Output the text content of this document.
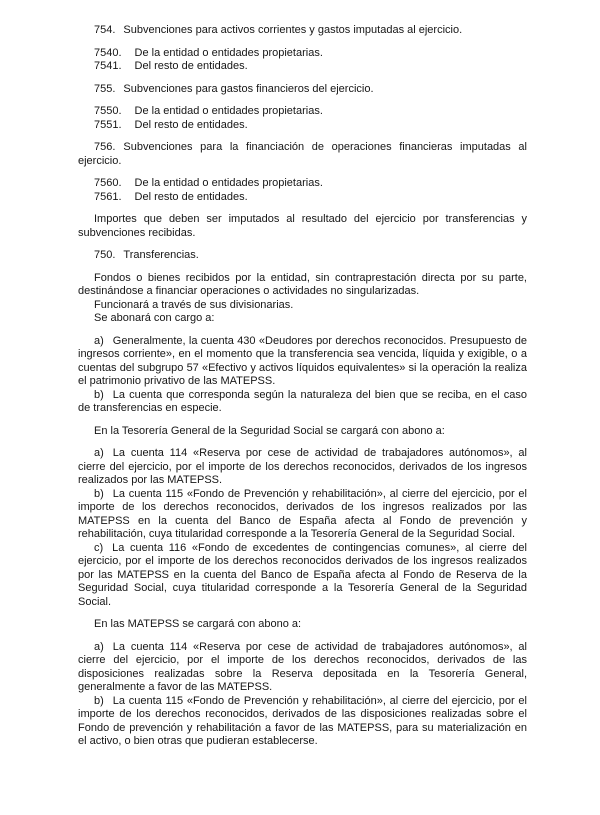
754. Subvenciones para activos corrientes y gastos imputadas al ejercicio.

7540. De la entidad o entidades propietarias.

7541. Del resto de entidades.

755. Subvenciones para gastos financieros del ejercicio.

7550. De la entidad o entidades propietarias.

7551. Del resto de entidades.

756. Subvenciones para la financiación de operaciones financieras imputadas al ejercicio.

7560. De la entidad o entidades propietarias.

7561. Del resto de entidades.

Importes que deben ser imputados al resultado del ejercicio por transferencias y subvenciones recibidas.

750. Transferencias.

Fondos o bienes recibidos por la entidad, sin contraprestación directa por su parte, destinándose a financiar operaciones o actividades no singularizadas.

Funcionará a través de sus divisionarias.

Se abonará con cargo a:

a) Generalmente, la cuenta 430 «Deudores por derechos reconocidos. Presupuesto de ingresos corriente», en el momento que la transferencia sea vencida, líquida y exigible, o a cuentas del subgrupo 57 «Efectivo y activos líquidos equivalentes» si la operación la realiza el patrimonio privativo de las MATEPSS.

b) La cuenta que corresponda según la naturaleza del bien que se reciba, en el caso de transferencias en especie.

En la Tesorería General de la Seguridad Social se cargará con abono a:

a) La cuenta 114 «Reserva por cese de actividad de trabajadores autónomos», al cierre del ejercicio, por el importe de los derechos reconocidos, derivados de los ingresos realizados por las MATEPSS.

b) La cuenta 115 «Fondo de Prevención y rehabilitación», al cierre del ejercicio, por el importe de los derechos reconocidos, derivados de los ingresos realizados por las MATEPSS en la cuenta del Banco de España afecta al Fondo de prevención y rehabilitación, cuya titularidad corresponde a la Tesorería General de la Seguridad Social.

c) La cuenta 116 «Fondo de excedentes de contingencias comunes», al cierre del ejercicio, por el importe de los derechos reconocidos derivados de los ingresos realizados por las MATEPSS en la cuenta del Banco de España afecta al Fondo de Reserva de la Seguridad Social, cuya titularidad corresponde a la Tesorería General de la Seguridad Social.

En las MATEPSS se cargará con abono a:

a) La cuenta 114 «Reserva por cese de actividad de trabajadores autónomos», al cierre del ejercicio, por el importe de los derechos reconocidos, derivados de las disposiciones realizadas sobre la Reserva depositada en la Tesorería General, generalmente a favor de las MATEPSS.

b) La cuenta 115 «Fondo de Prevención y rehabilitación», al cierre del ejercicio, por el importe de los derechos reconocidos, derivados de las disposiciones realizadas sobre el Fondo de prevención y rehabilitación a favor de las MATEPSS, para su materialización en el activo, o bien otras que pudieran establecerse.
